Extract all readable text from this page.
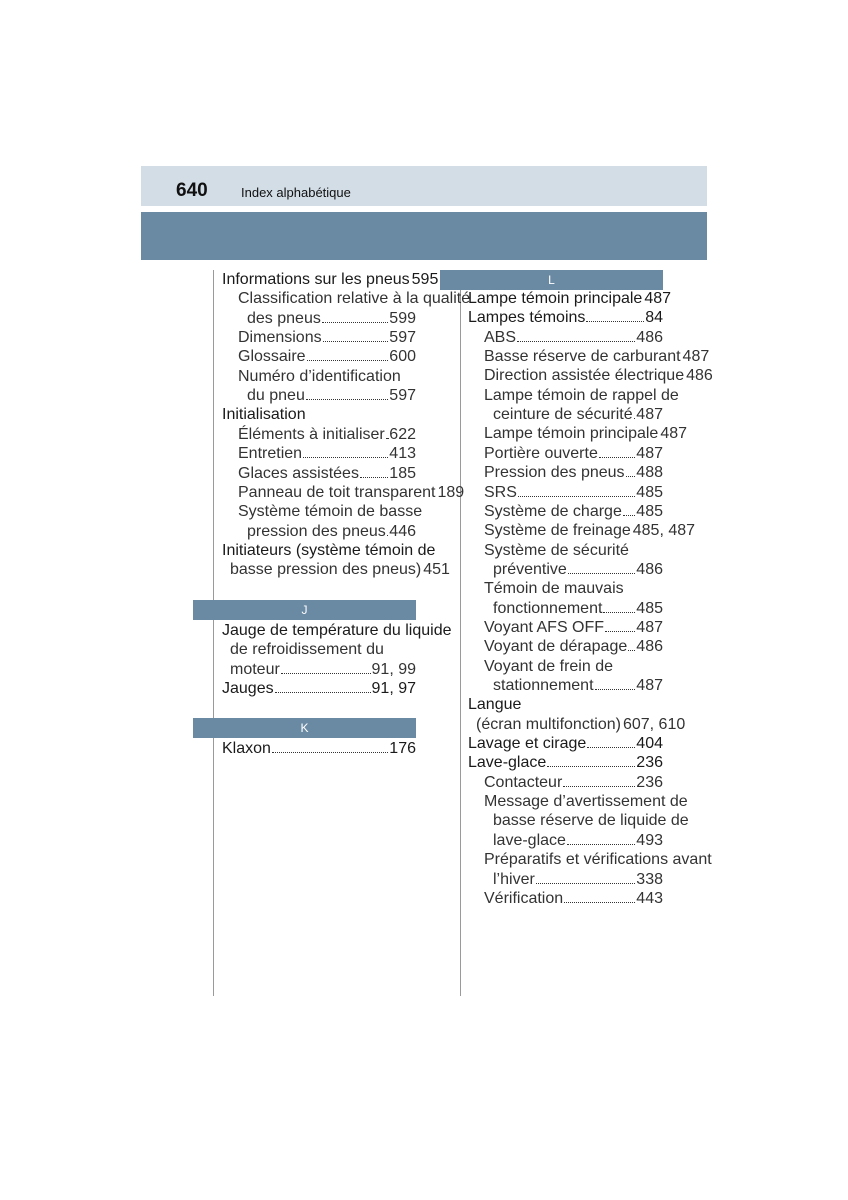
640	Index alphabétique
Informations sur les pneus 595
Classification relative à la qualité
des pneus	599
Dimensions	597
Glossaire	600
Numéro d’identification
du pneu	597
Initialisation
Éléments à initialiser 622
Entretien	413
Glaces assistées 185
Panneau de toit transparent 189
Système témoin de basse
pression des pneus 446
Initiateurs (système témoin de
basse pression des pneus) 451
Jauge de température du liquide
de refroidissement du
moteur	91, 99
Jauges	91, 97
Klaxon	176
Lampe témoin principale 487
Lampes témoins	84
ABS	486
Basse réserve de carburant 487
Direction assistée électrique 486
Lampe témoin de rappel de
ceinture de sécurité 487
Lampe témoin principale 487
Portière ouverte 487
Pression des pneus 488
SRS	485
Système de charge 485
Système de freinage 485, 487
Système de sécurité
préventive	486
Témoin de mauvais
fonctionnement 485
Voyant AFS OFF 487
Voyant de dérapage 486
Voyant de frein de
stationnement	487
Langue
(écran multifonction) 607, 610
Lavage et cirage	404
Lave-glace	236
Contacteur	236
Message d’avertissement de
basse réserve de liquide de
lave-glace	493
Préparatifs et vérifications avant
l’hiver	338
Vérification	443
J
K
L
